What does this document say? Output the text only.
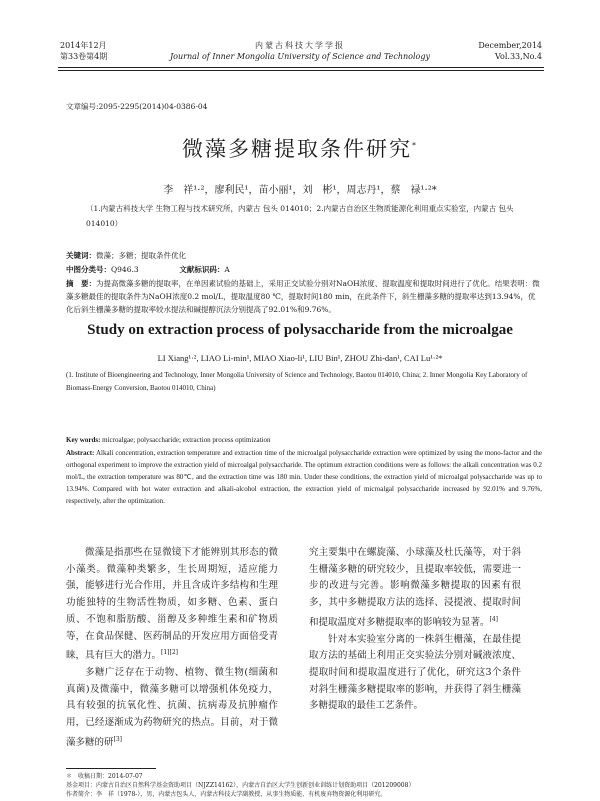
2014年12月
第33卷第4期
内蒙古科技大学学报
Journal of Inner Mongolia University of Science and Technology
December,2014
Vol.33,No.4
文章编号:2095-2295(2014)04-0386-04
微藻多糖提取条件研究*
李　祥¹·²，廖利民¹，苗小丽¹，刘　彬¹，周志丹¹，蔡　禄¹·²*
（1.内蒙古科技大学 生物工程与技术研究所，内蒙古 包头 014010；2.内蒙古自治区生物质能源化利用重点实验室，内蒙古 包头 014010）
关键词：微藻；多糖；提取条件优化
中图分类号：Q946.3	文献标识码：A
摘　要：为提高微藻多糖的提取率，在单因素试验的基础上，采用正交试验分别对NaOH浓度、提取温度和提取时间进行了优化。结果表明：微藻多糖最佳的提取条件为NaOH浓度0.2 mol/L，提取温度80 ℃，提取时间180 min，在此条件下，斜生栅藻多糖的提取率达到13.94%，优化后斜生栅藻多糖的提取率较水提法和碱提醇沉法分别提高了92.01%和9.76%。
Study on extraction process of polysaccharide from the microalgae
LI Xiang¹·², LIAO Li-min¹, MIAO Xiao-li¹, LIU Bin¹, ZHOU Zhi-dan¹, CAI Lu¹·²*
(1. Institute of Bioengineering and Technology, Inner Mongolia University of Science and Technology, Baotou 014010, China; 2. Inner Mongolia Key Laboratory of Biomass-Energy Conversion, Baotou 014010, China)
Key words: microalgae; polysaccharide; extraction process optimization
Abstract: Alkali concentration, extraction temperature and extraction time of the microalgal polysaccharide extraction were optimized by using the mono-factor and the orthogonal experiment to improve the extraction yield of microalgal polysaccharide. The optimum extraction conditions were as follows: the alkali concentration was 0.2 mol/L, the extraction temperature was 80℃, and the extraction time was 180 min. Under these conditions, the extraction yield of microalgal polysaccharide was up to 13.94%. Compared with hot water extraction and alkali-alcohol extraction, the extraction yield of microalgal polysaccharide increased by 92.01% and 9.76%, respectively, after the optimization.

微藻是指那些在显微镜下才能辨别其形态的微小藻类。微藻种类繁多，生长周期短，适应能力强，能够进行光合作用，并且含成许多结构和生理功能独特的生物活性物质，如多糖、色素、蛋白质、不饱和脂肪酸、甾醇及多种维生素和矿物质等，在食品保健、医药制品的开发应用方面倍受青睐，具有巨大的潜力。[1][2]

多糖广泛存在于动物、植物、微生物(细菌和真菌)及微藻中，微藻多糖可以增强机体免疫力，具有较强的抗氧化性、抗菌、抗病毒及抗肿瘤作用，已经逐渐成为药物研究的热点。目前，对于微藻多糖的研[3]

究主要集中在螺旋藻、小球藻及杜氏藻等，对于斜生栅藻多糖的研究较少，且提取率较低，需要进一步的改进与完善。影响微藻多糖提取的因素有很多，其中多糖提取方法的选择、浸提液、提取时间和提取温度对多糖提取率的影响较为显著。[4]

针对本实验室分离的一株斜生栅藻，在最佳提取方法的基础上利用正交实验法分别对碱液浓度、提取时间和提取温度进行了优化，研究这3个条件对斜生栅藻多糖提取率的影响，并获得了斜生栅藻多糖提取的最佳工艺条件。

＊　收稿日期：2014-07-07
基金项目：内蒙古自治区自然科学基金资助项目（NJZZ14162），内蒙古自治区大学生创新创业训练计划资助项目（201209008）
作者简介：李　祥（1978-），男，内蒙古包头人，内蒙古科技大学副教授，从事生物质能、有机废弃物资源化利用研究。
